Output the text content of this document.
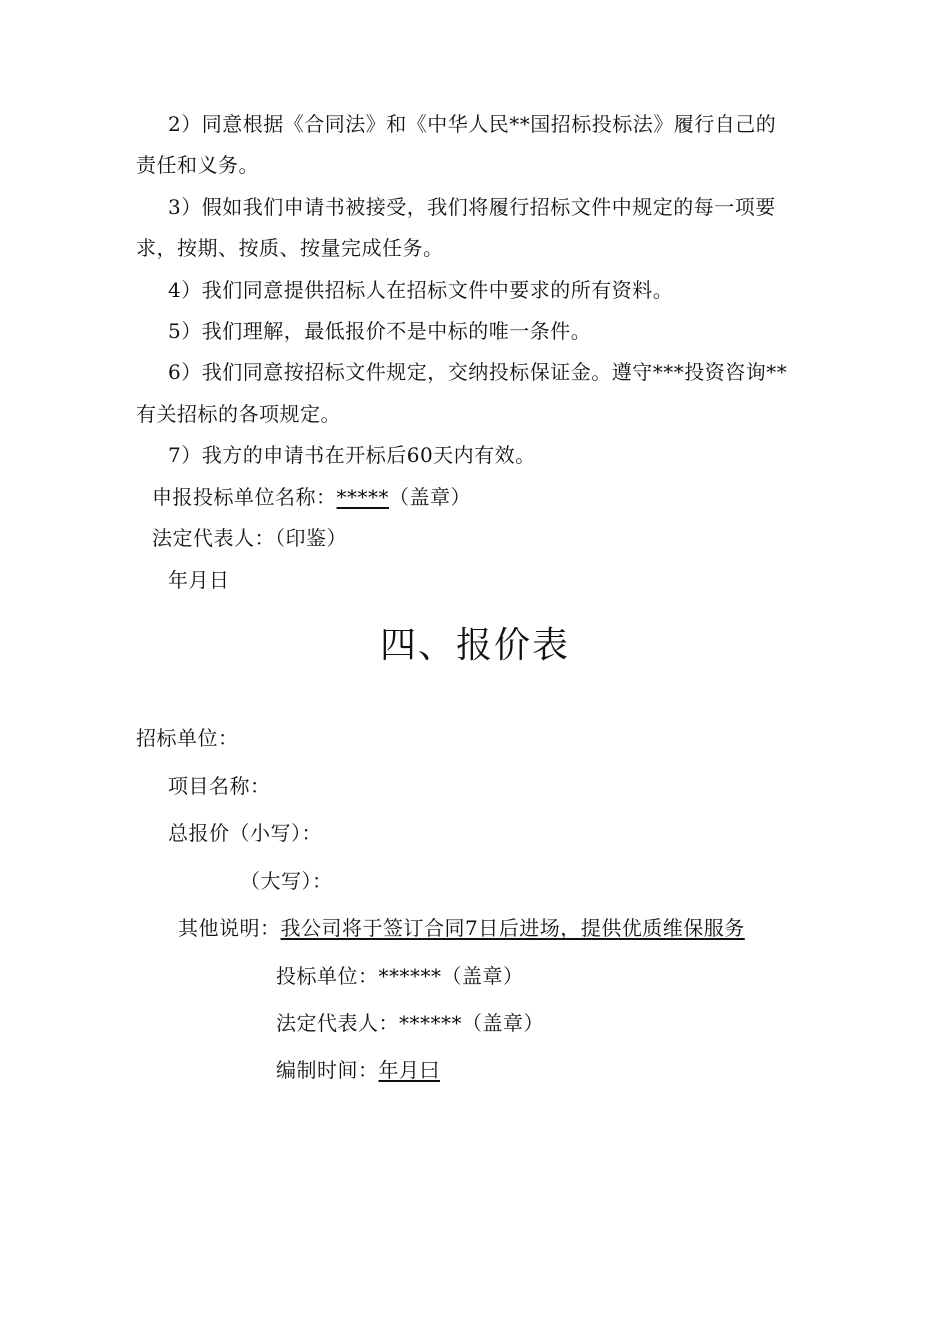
2）同意根据《合同法》和《中华人民**国招标投标法》履行自己的
责任和义务。
3）假如我们申请书被接受，我们将履行招标文件中规定的每一项要
求，按期、按质、按量完成任务。
4）我们同意提供招标人在招标文件中要求的所有资料。
5）我们理解，最低报价不是中标的唯一条件。
6）我们同意按招标文件规定，交纳投标保证金。遵守***投资咨询**
有关招标的各项规定。
7）我方的申请书在开标后60天内有效。
申报投标单位名称：*****（盖章）
法定代表人：（印鉴）
年月日
四、报价表
招标单位：
项目名称：
总报价（小写）：
（大写）：
其他说明：我公司将于签订合同7日后进场，提供优质维保服务
投标单位：******（盖章）
法定代表人：******（盖章）
编制时间：年月曰
